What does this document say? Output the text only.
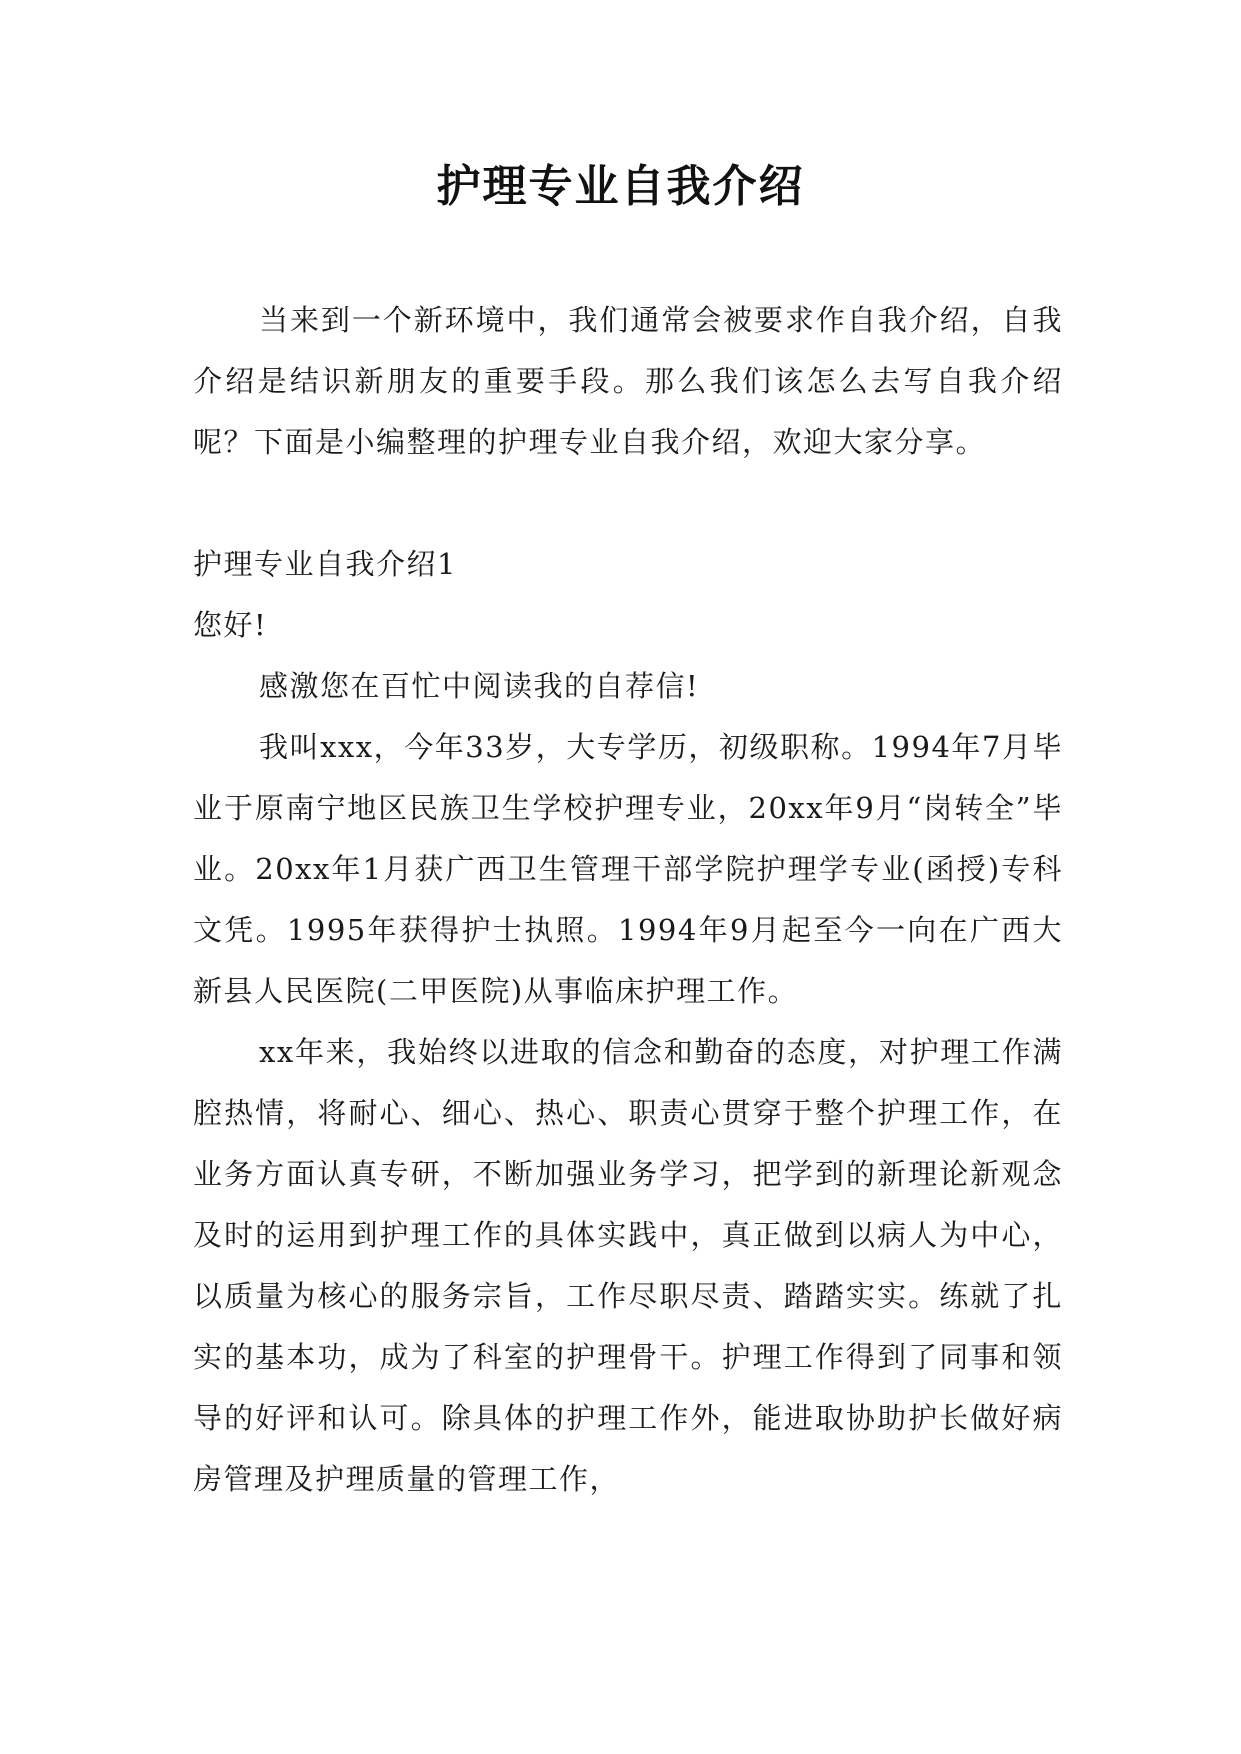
护理专业自我介绍

当来到一个新环境中，我们通常会被要求作自我介绍，自我介绍是结识新朋友的重要手段。那么我们该怎么去写自我介绍呢？下面是小编整理的护理专业自我介绍，欢迎大家分享。

护理专业自我介绍1

您好!

感激您在百忙中阅读我的自荐信!

我叫xxx，今年33岁，大专学历，初级职称。1994年7月毕业于原南宁地区民族卫生学校护理专业，20xx年9月“岗转全”毕业。20xx年1月获广西卫生管理干部学院护理学专业(函授)专科文凭。1995年获得护士执照。1994年9月起至今一向在广西大新县人民医院(二甲医院)从事临床护理工作。

xx年来，我始终以进取的信念和勤奋的态度，对护理工作满腔热情，将耐心、细心、热心、职责心贯穿于整个护理工作，在业务方面认真专研，不断加强业务学习，把学到的新理论新观念及时的运用到护理工作的具体实践中，真正做到以病人为中心，以质量为核心的服务宗旨，工作尽职尽责、踏踏实实。练就了扎实的基本功，成为了科室的护理骨干。护理工作得到了同事和领导的好评和认可。除具体的护理工作外，能进取协助护长做好病房管理及护理质量的管理工作，
